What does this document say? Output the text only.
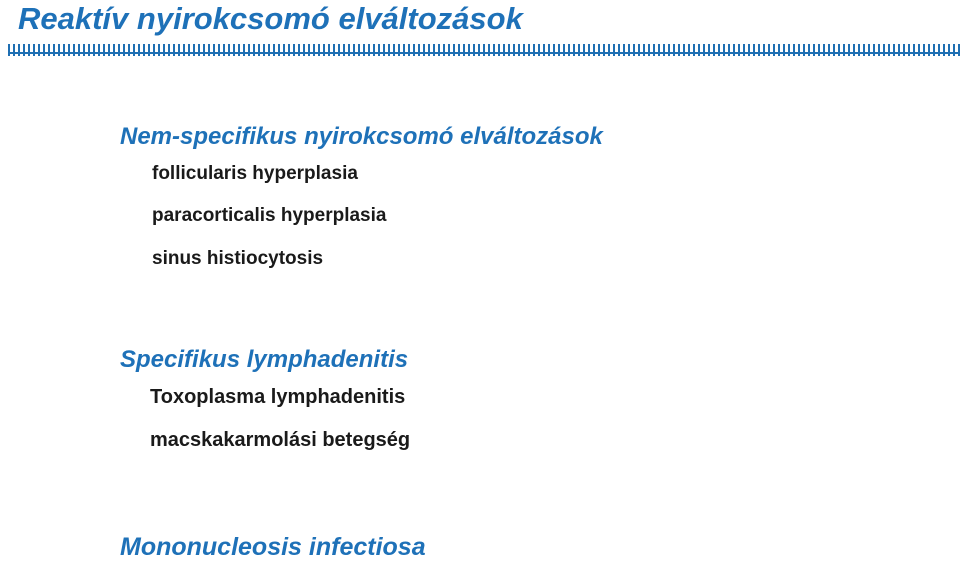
Reaktív nyirokcsomó elváltozások
Nem-specifikus nyirokcsomó elváltozások
follicularis hyperplasia
paracorticalis hyperplasia
sinus histiocytosis
Specifikus lymphadenitis
Toxoplasma lymphadenitis
macskakarmolási betegség
Mononucleosis infectiosa
